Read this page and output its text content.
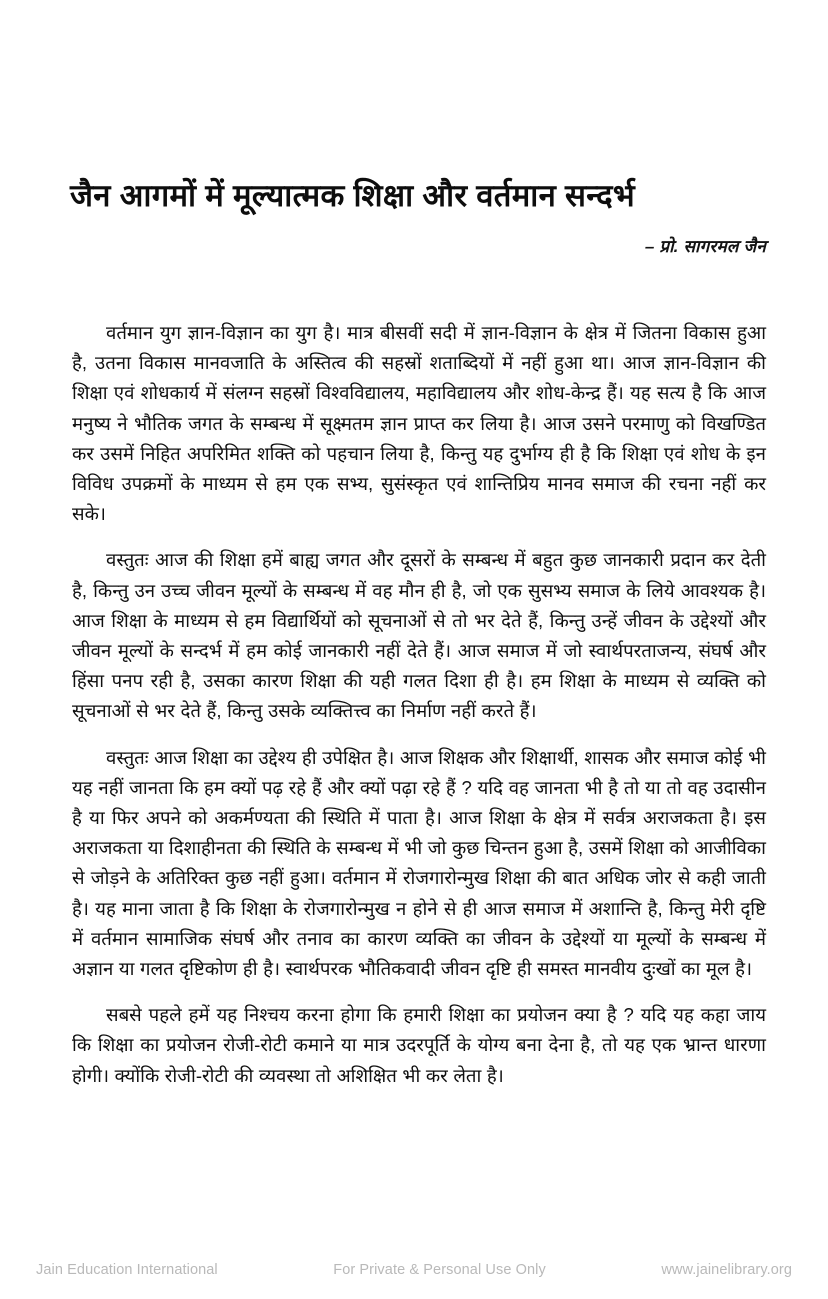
जैन आगमों में मूल्यात्मक शिक्षा और वर्तमान सन्दर्भ

– प्रो. सागरमल जैन

वर्तमान युग ज्ञान-विज्ञान का युग है। मात्र बीसवीं सदी में ज्ञान-विज्ञान के क्षेत्र में जितना विकास हुआ है, उतना विकास मानवजाति के अस्तित्व की सहस्रों शताब्दियों में नहीं हुआ था। आज ज्ञान-विज्ञान की शिक्षा एवं शोधकार्य में संलग्न सहस्रों विश्वविद्यालय, महाविद्यालय और शोध-केन्द्र हैं। यह सत्य है कि आज मनुष्य ने भौतिक जगत के सम्बन्ध में सूक्ष्मतम ज्ञान प्राप्त कर लिया है। आज उसने परमाणु को विखण्डित कर उसमें निहित अपरिमित शक्ति को पहचान लिया है, किन्तु यह दुर्भाग्य ही है कि शिक्षा एवं शोध के इन विविध उपक्रमों के माध्यम से हम एक सभ्य, सुसंस्कृत एवं शान्तिप्रिय मानव समाज की रचना नहीं कर सके।

वस्तुतः आज की शिक्षा हमें बाह्य जगत और दूसरों के सम्बन्ध में बहुत कुछ जानकारी प्रदान कर देती है, किन्तु उन उच्च जीवन मूल्यों के सम्बन्ध में वह मौन ही है, जो एक सुसभ्य समाज के लिये आवश्यक है। आज शिक्षा के माध्यम से हम विद्यार्थियों को सूचनाओं से तो भर देते हैं, किन्तु उन्हें जीवन के उद्देश्यों और जीवन मूल्यों के सन्दर्भ में हम कोई जानकारी नहीं देते हैं। आज समाज में जो स्वार्थपरताजन्य, संघर्ष और हिंसा पनप रही है, उसका कारण शिक्षा की यही गलत दिशा ही है। हम शिक्षा के माध्यम से व्यक्ति को सूचनाओं से भर देते हैं, किन्तु उसके व्यक्तित्त्व का निर्माण नहीं करते हैं।

वस्तुतः आज शिक्षा का उद्देश्य ही उपेक्षित है। आज शिक्षक और शिक्षार्थी, शासक और समाज कोई भी यह नहीं जानता कि हम क्यों पढ़ रहे हैं और क्यों पढ़ा रहे हैं ? यदि वह जानता भी है तो या तो वह उदासीन है या फिर अपने को अकर्मण्यता की स्थिति में पाता है। आज शिक्षा के क्षेत्र में सर्वत्र अराजकता है। इस अराजकता या दिशाहीनता की स्थिति के सम्बन्ध में भी जो कुछ चिन्तन हुआ है, उसमें शिक्षा को आजीविका से जोड़ने के अतिरिक्त कुछ नहीं हुआ। वर्तमान में रोजगारोन्मुख शिक्षा की बात अधिक जोर से कही जाती है। यह माना जाता है कि शिक्षा के रोजगारोन्मुख न होने से ही आज समाज में अशान्ति है, किन्तु मेरी दृष्टि में वर्तमान सामाजिक संघर्ष और तनाव का कारण व्यक्ति का जीवन के उद्देश्यों या मूल्यों के सम्बन्ध में अज्ञान या गलत दृष्टिकोण ही है। स्वार्थपरक भौतिकवादी जीवन दृष्टि ही समस्त मानवीय दुःखों का मूल है।

सबसे पहले हमें यह निश्चय करना होगा कि हमारी शिक्षा का प्रयोजन क्या है ? यदि यह कहा जाय कि शिक्षा का प्रयोजन रोजी-रोटी कमाने या मात्र उदरपूर्ति के योग्य बना देना है, तो यह एक भ्रान्त धारणा होगी। क्योंकि रोजी-रोटी की व्यवस्था तो अशिक्षित भी कर लेता है।

Jain Education International	For Private & Personal Use Only	www.jainelibrary.org
